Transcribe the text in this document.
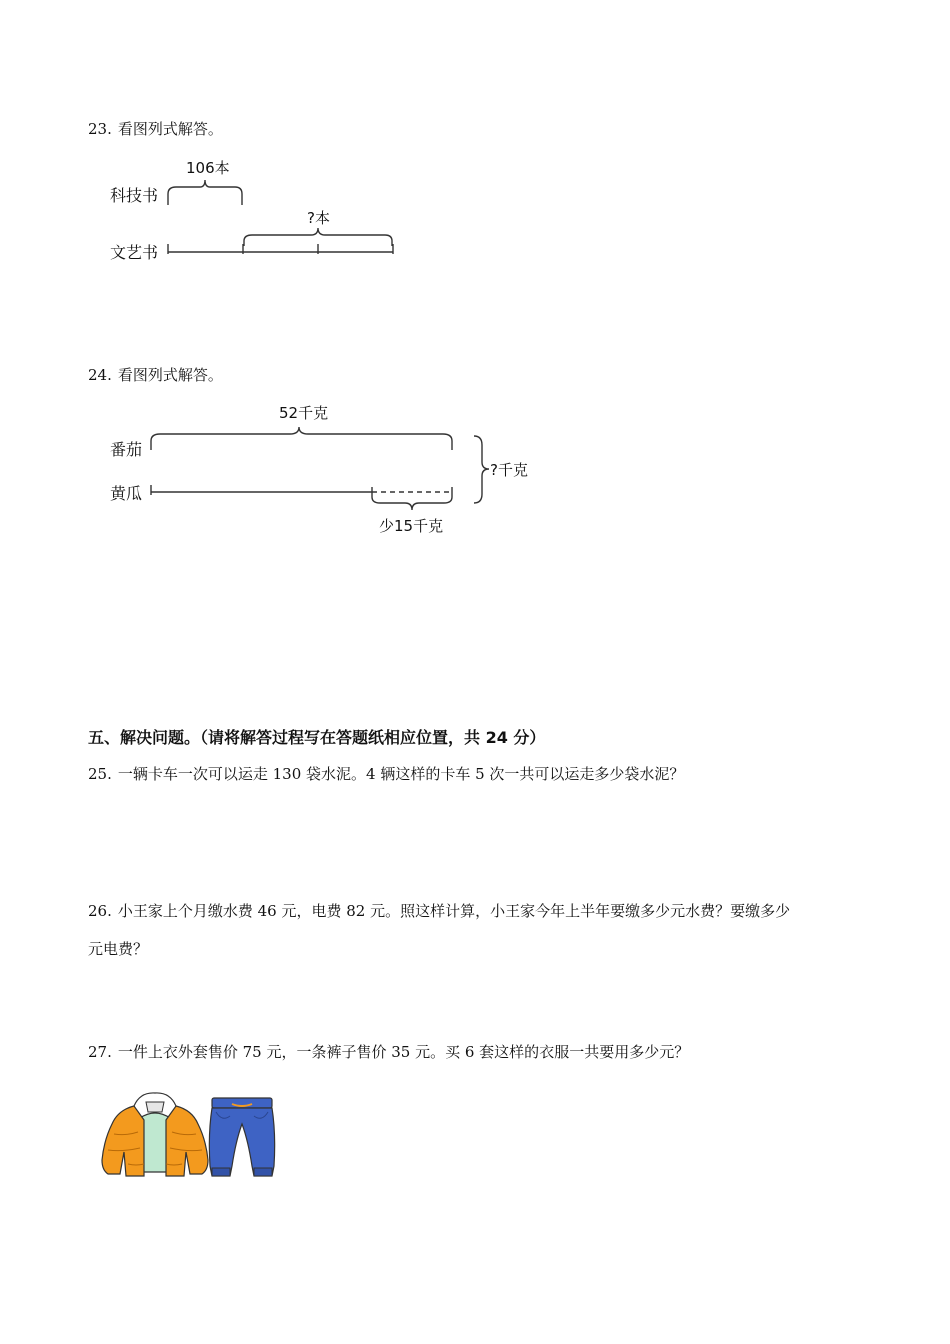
23. 看图列式解答。
科技书
106本
文艺书
?本
24. 看图列式解答。
番茄
52千克
黄瓜
少15千克
?千克
五、解决问题。（请将解答过程写在答题纸相应位置，共 24 分）
25. 一辆卡车一次可以运走 130 袋水泥。4 辆这样的卡车 5 次一共可以运走多少袋水泥？
26. 小王家上个月缴水费 46 元，电费 82 元。照这样计算，小王家今年上半年要缴多少元水费？要缴多少
元电费？
27. 一件上衣外套售价 75 元，一条裤子售价 35 元。买 6 套这样的衣服一共要用多少元？
